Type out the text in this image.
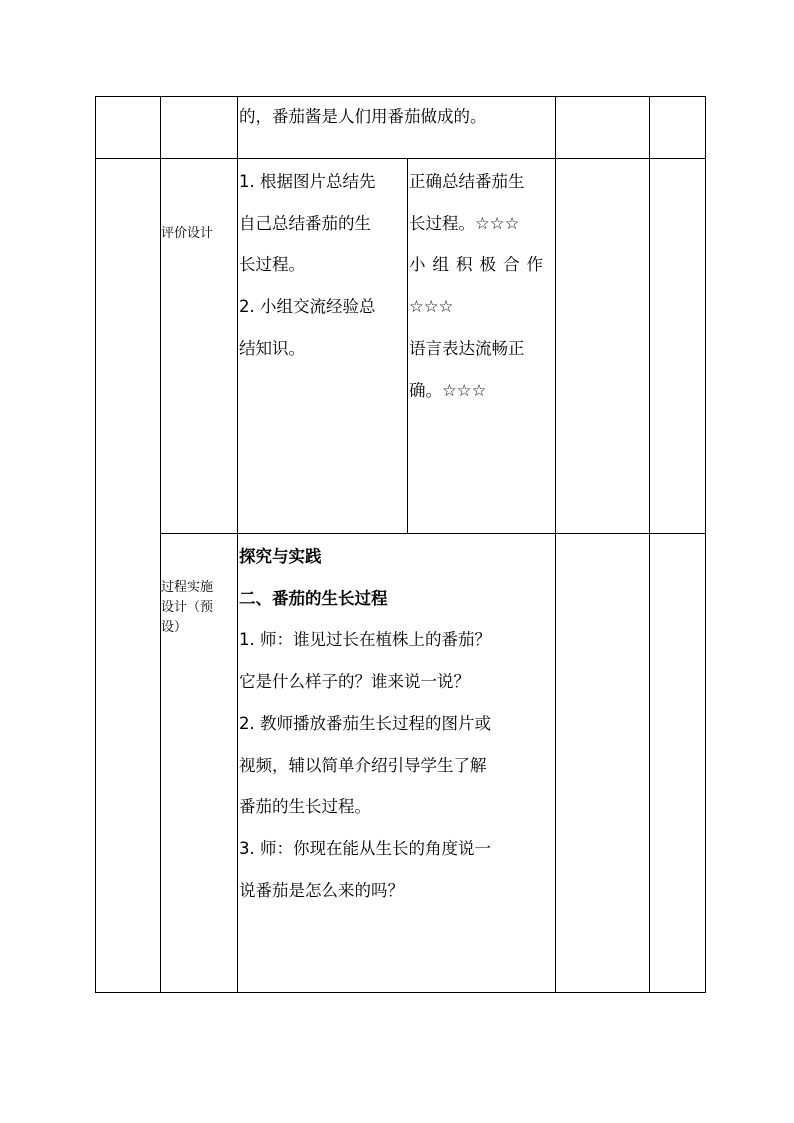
的，番茄酱是人们用番茄做成的。
评价设计
1. 根据图片总结先
自己总结番茄的生
长过程。
2. 小组交流经验总
结知识。
正确总结番茄生
长过程。☆☆☆
小组积极合作
☆☆☆
语言表达流畅正
确。☆☆☆
过程实施
设计（预
设）
探究与实践
二、番茄的生长过程
1. 师：谁见过长在植株上的番茄？
它是什么样子的？谁来说一说？
2. 教师播放番茄生长过程的图片或
视频，辅以简单介绍引导学生了解
番茄的生长过程。
3. 师：你现在能从生长的角度说一
说番茄是怎么来的吗？
